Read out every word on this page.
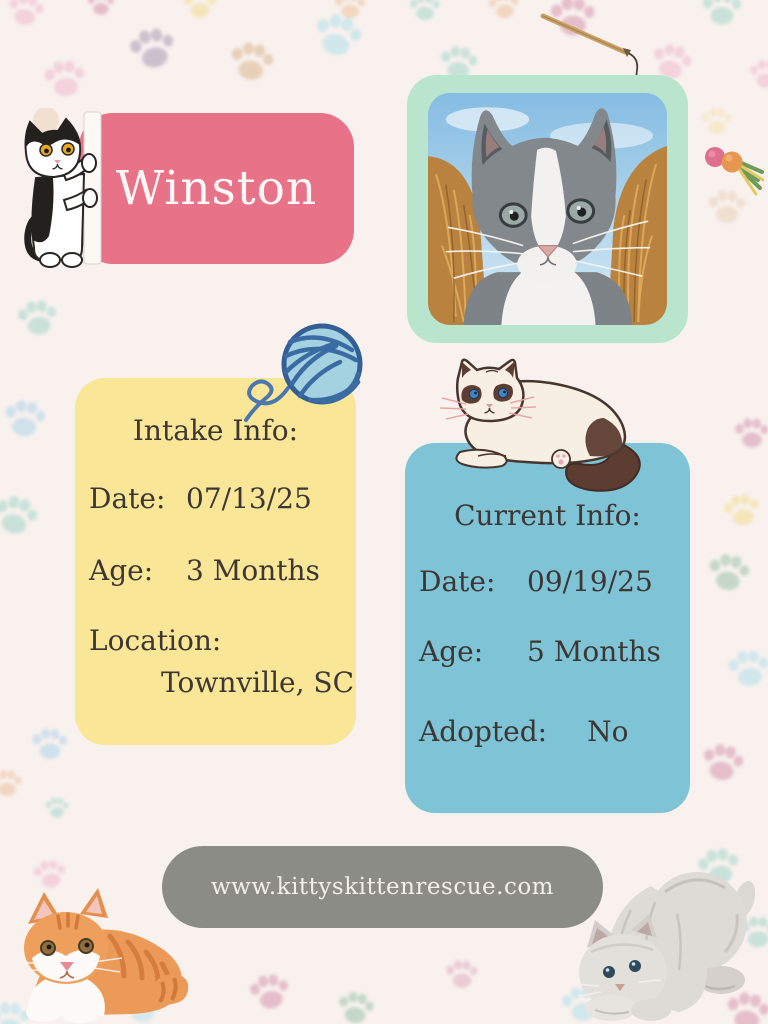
Winston
Intake Info:
Date: 07/13/25
Age:	3 Months
Location:
Townville, SC
Current Info:
Date:	09/19/25
Age:	5 Months
Adopted: No
www.kittyskittenrescue.com
